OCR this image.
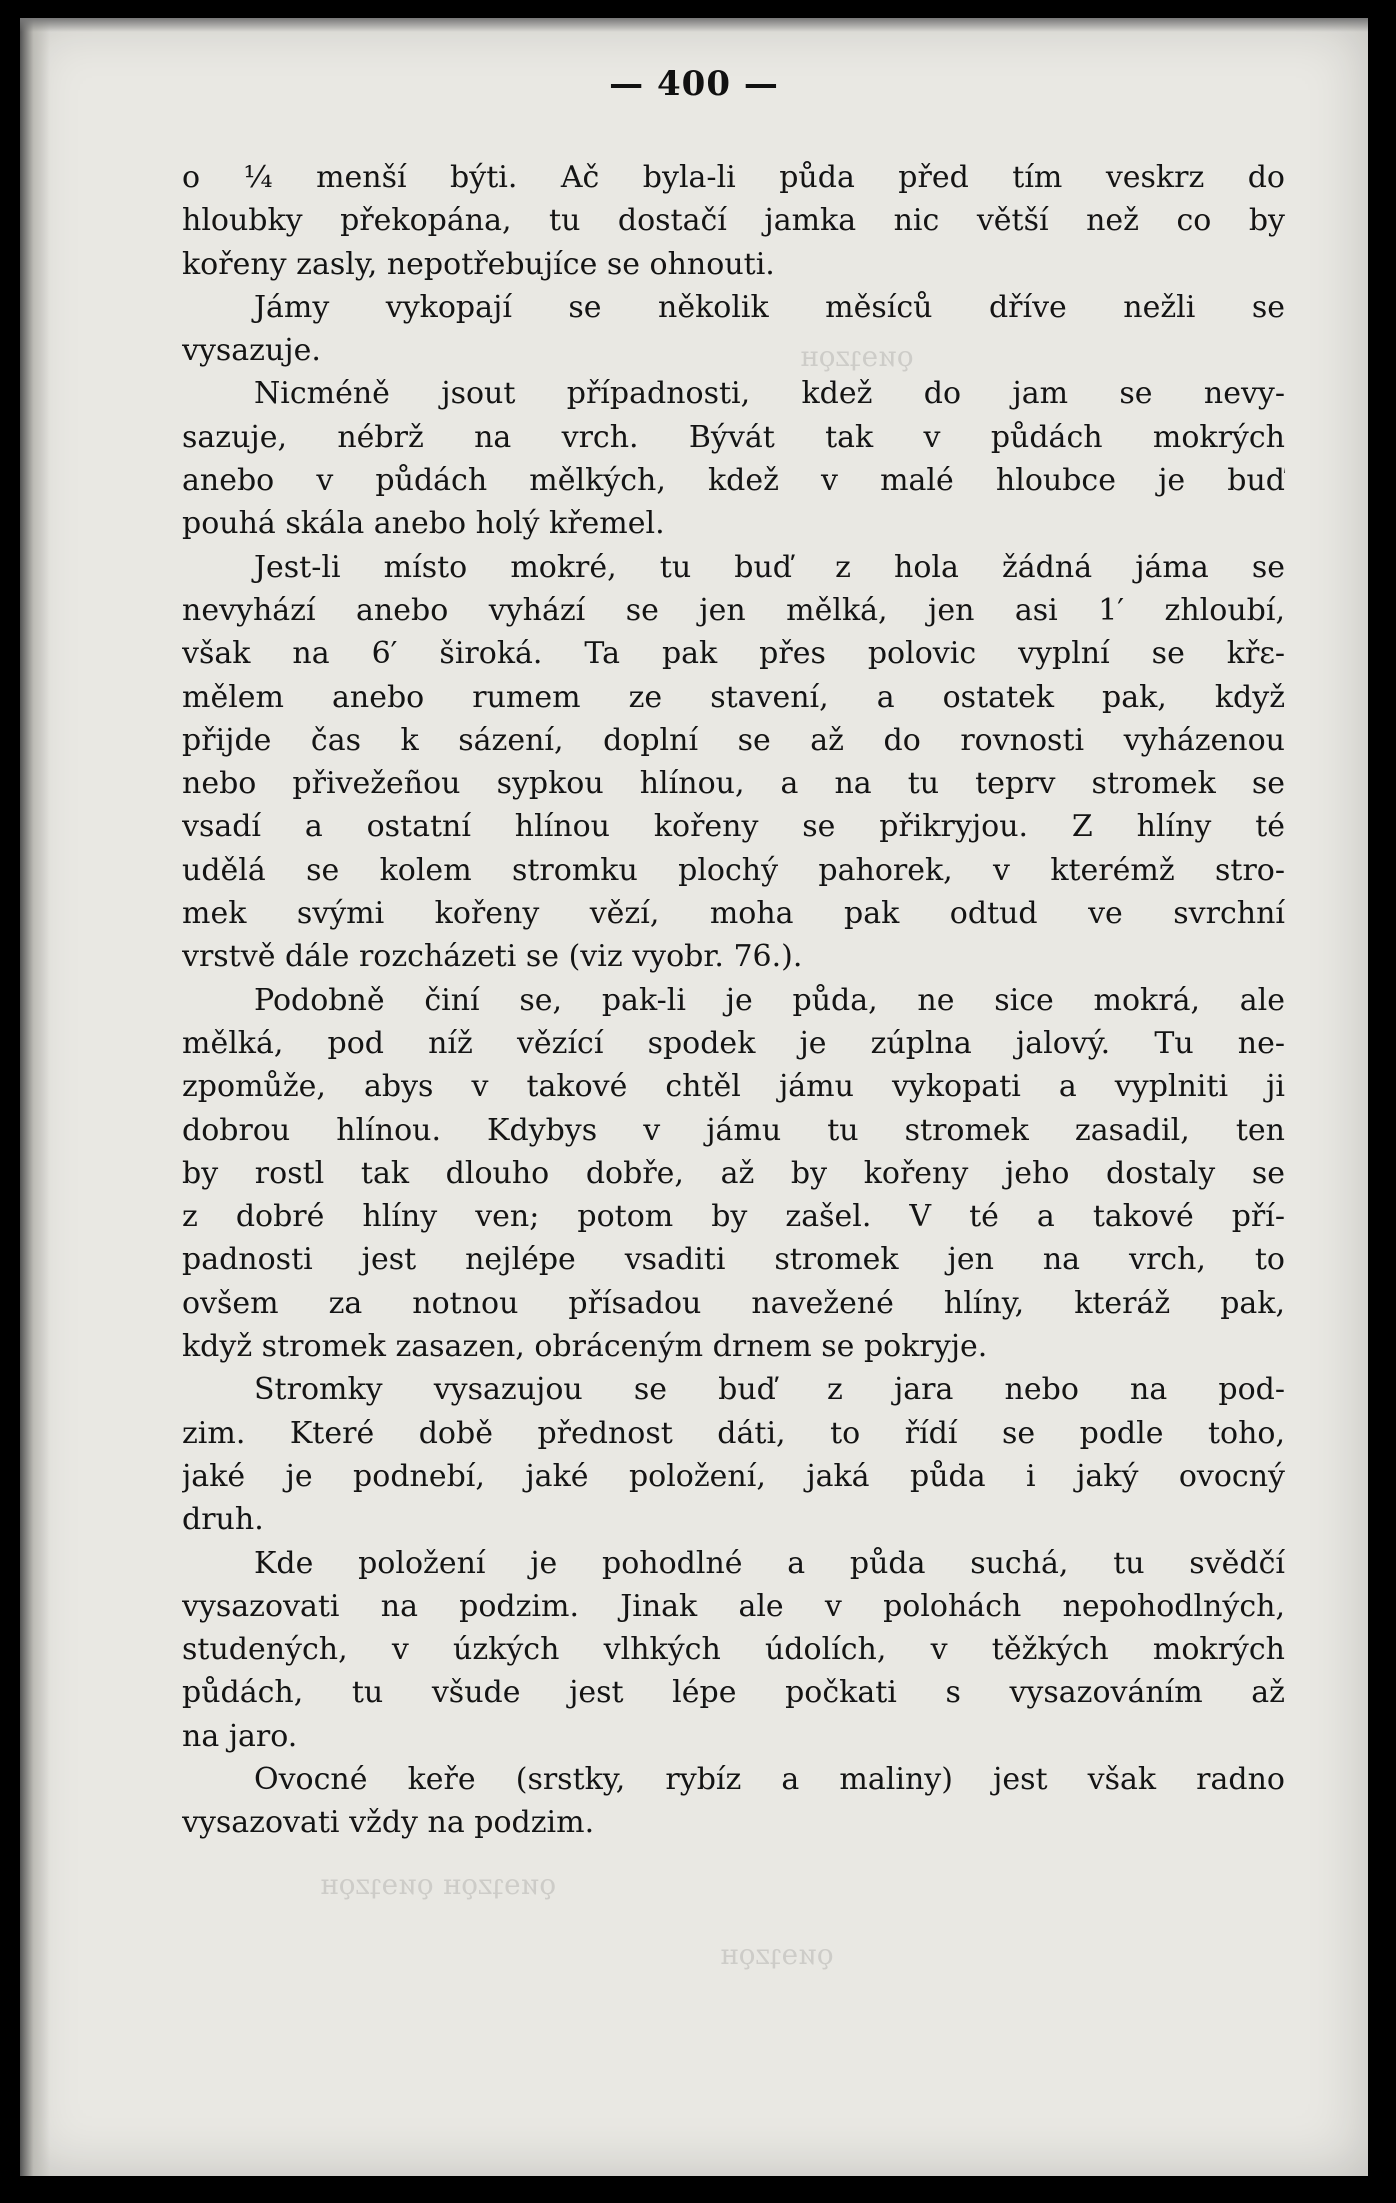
ǫᴎɘʇzǫʜ
ǫᴎɘʇzǫʜ ǫᴎɘʇzǫʜ
ǫᴎɘʇzǫʜ
— 400 —
o ¼ menší býti. Ač byla-li půda před tím veskrz do
hloubky překopána, tu dostačí jamka nic větší než co by
kořeny zasly, nepotřebujíce se ohnouti.
Jámy vykopají se několik měsíců dříve nežli se
vysazuje.
Nicméně jsout případnosti, kdež do jam se nevy-
sazuje, nébrž na vrch. Bývát tak v půdách mokrých
anebo v půdách mělkých, kdež v malé hloubce je buď
pouhá skála anebo holý křemel.
Jest-li místo mokré, tu buď z hola žádná jáma se
nevyhází anebo vyhází se jen mělká, jen asi 1′ zhloubí,
však na 6′ široká. Ta pak přes polovic vyplní se křε-
mělem anebo rumem ze stavení, a ostatek pak, když
přijde čas k sázení, doplní se až do rovnosti vyházenou
nebo přivežeñou sypkou hlínou, a na tu teprv stromek se
vsadí a ostatní hlínou kořeny se přikryjou. Z hlíny té
udělá se kolem stromku plochý pahorek, v kterémž stro-
mek svými kořeny vězí, moha pak odtud ve svrchní
vrstvě dále rozcházeti se (viz vyobr. 76.).
Podobně činí se, pak-li je půda, ne sice mokrá, ale
mělká, pod níž vězící spodek je zúplna jalový. Tu ne-
zpomůže, abys v takové chtěl jámu vykopati a vyplniti ji
dobrou hlínou. Kdybys v jámu tu stromek zasadil, ten
by rostl tak dlouho dobře, až by kořeny jeho dostaly se
z dobré hlíny ven; potom by zašel. V té a takové pří-
padnosti jest nejlépe vsaditi stromek jen na vrch, to
ovšem za notnou přísadou navežené hlíny, kteráž pak,
když stromek zasazen, obráceným drnem se pokryje.
Stromky vysazujou se buď z jara nebo na pod-
zim. Které době přednost dáti, to řídí se podle toho,
jaké je podnebí, jaké položení, jaká půda i jaký ovocný
druh.
Kde položení je pohodlné a půda suchá, tu svědčí
vysazovati na podzim. Jinak ale v polohách nepohodlných,
studených, v úzkých vlhkých údolích, v těžkých mokrých
půdách, tu všude jest lépe počkati s vysazováním až
na jaro.
Ovocné keře (srstky, rybíz a maliny) jest však radno
vysazovati vždy na podzim.
